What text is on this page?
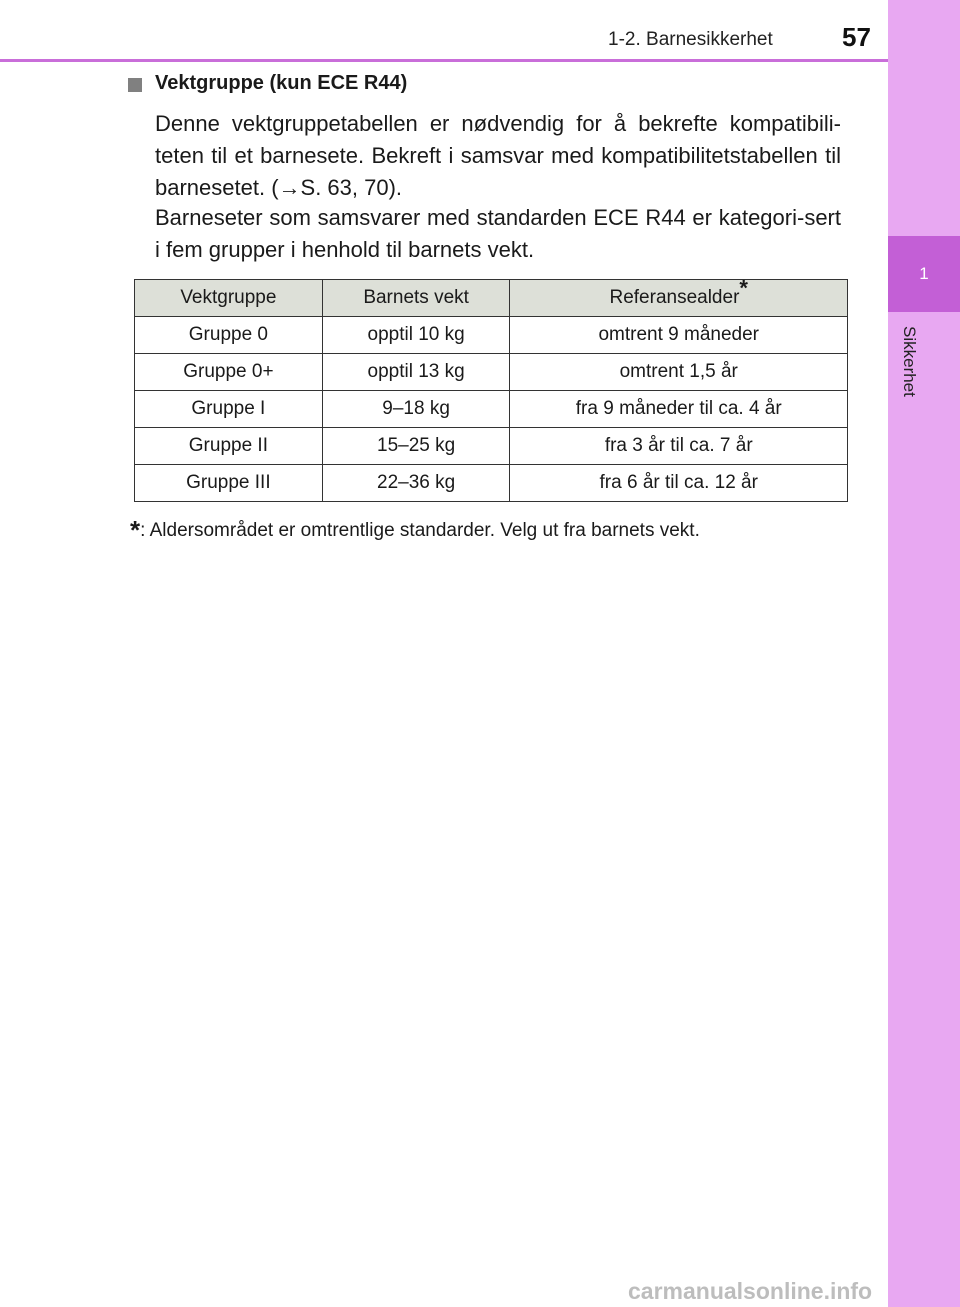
1
Sikkerhet
1-2. Barnesikkerhet	57
Vektgruppe (kun ECE R44)

Denne vektgruppetabellen er nødvendig for å bekrefte kompatibili-teten til et barnesete. Bekreft i samsvar med kompatibilitetstabellen til barnesetet. (→S. 63, 70).

Barneseter som samsvarer med standarden ECE R44 er kategori-sert i fem grupper i henhold til barnets vekt.

Vektgruppe	Barnets vekt	Referansealder*
Gruppe 0	opptil 10 kg	omtrent 9 måneder
Gruppe 0+	opptil 13 kg	omtrent 1,5 år
Gruppe I	9–18 kg	fra 9 måneder til ca. 4 år
Gruppe II	15–25 kg	fra 3 år til ca. 7 år
Gruppe III	22–36 kg	fra 6 år til ca. 12 år
*: Aldersområdet er omtrentlige standarder. Velg ut fra barnets vekt.
carmanualsonline.info
